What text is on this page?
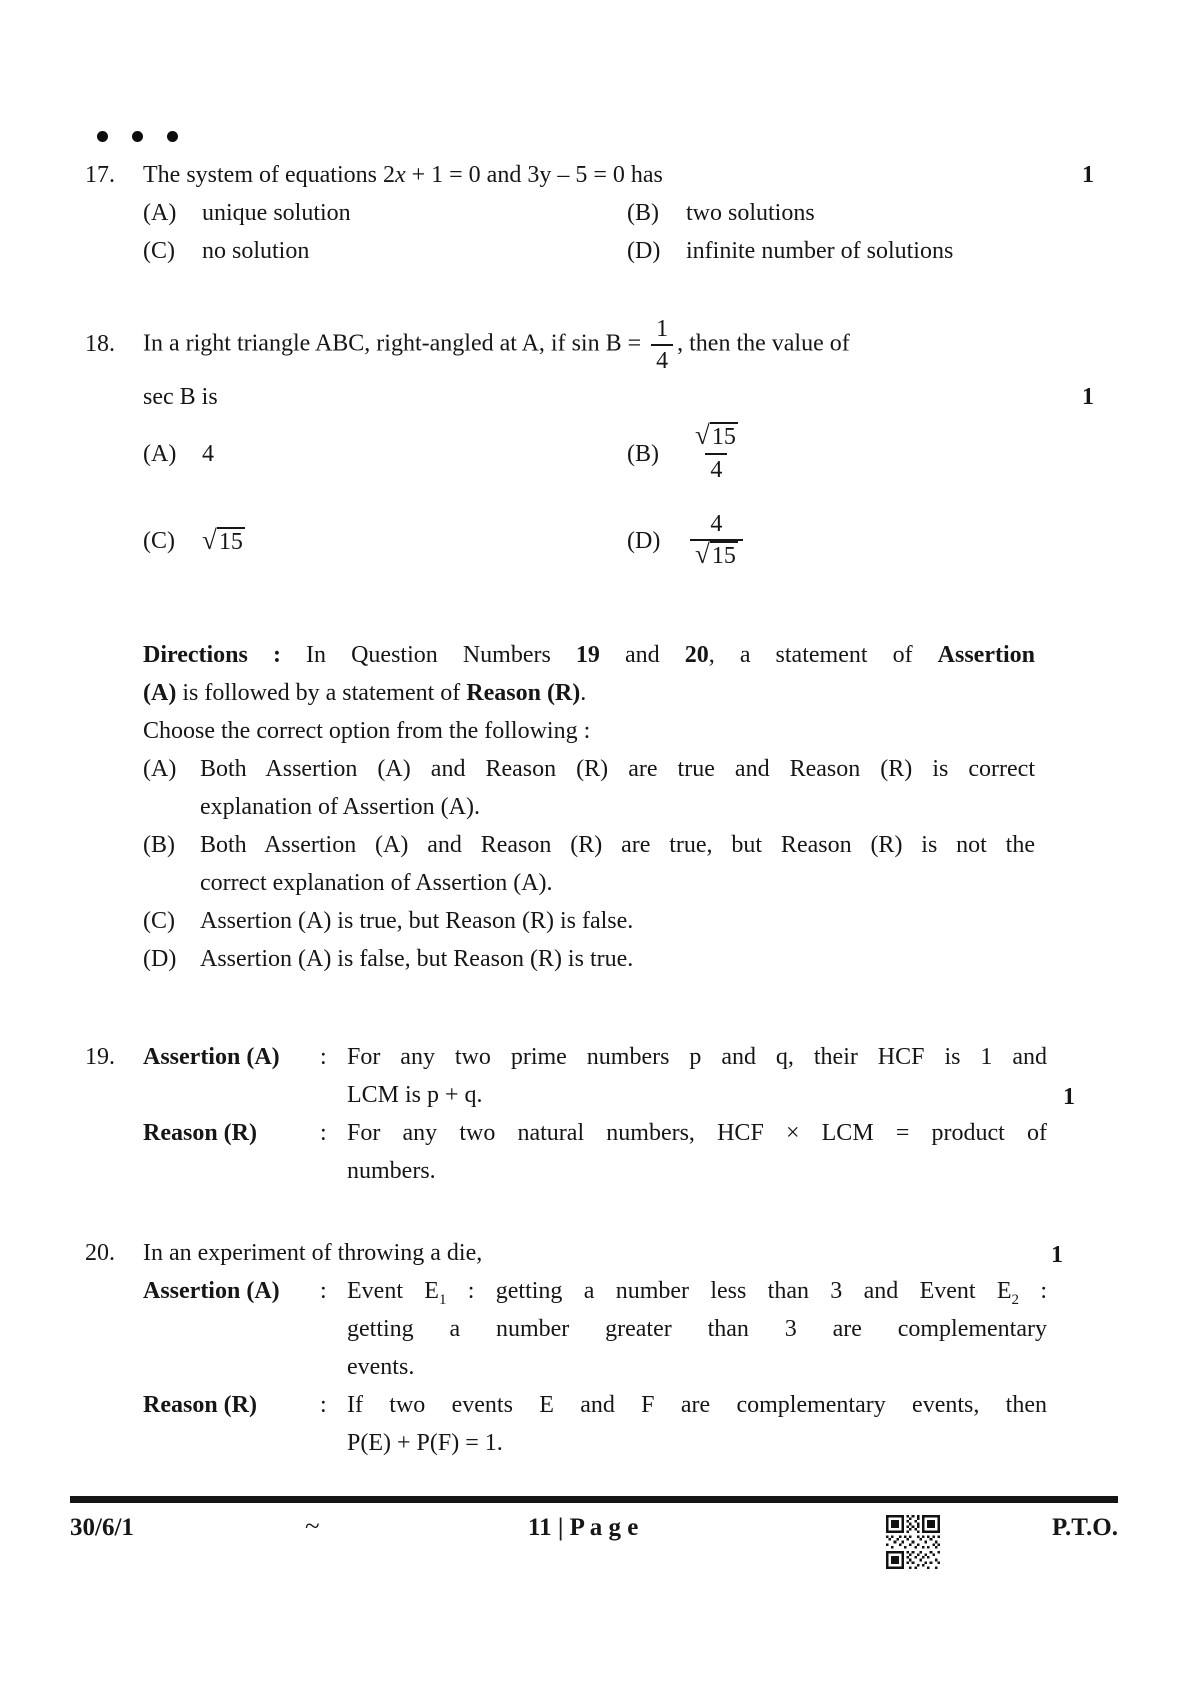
17.	The system of equations 2x + 1 = 0 and 3y – 5 = 0 has	1
(A)	unique solution	(B)	two solutions
(C)	no solution	(D)	infinite number of solutions
18.	In a right triangle ABC, right-angled at A, if $\sin B = \frac{1}{4}$ , then the value of

sec B is	1
(A)	4	(B)	$\frac{√ 15}{4}$
(C)	√ 15	(D)	$\frac{4}{√ 15}$

Directions : In Question Numbers 19 and 20, a statement of Assertion

(A) is followed by a statement of Reason (R).

Choose the correct option from the following :

(A) Both Assertion (A) and Reason (R) are true and Reason (R) is correct
explanation of Assertion (A).
(B)	Both Assertion (A) and Reason (R) are true, but Reason (R) is not the
correct explanation of Assertion (A).
(C)	Assertion (A) is true, but Reason (R) is false.
(D) Assertion (A) is false, but Reason (R) is true.
1
19.	Assertion (A)	: For any two prime numbers p and q, their HCF is 1 and
LCM is p + q.
Reason (R)	: For any two natural numbers, HCF × LCM = product of
numbers.
1
20.	In an experiment of throwing a die,

Assertion (A)	: Event $E_1$ : getting a number less than 3 and Event $E_2$ :
getting a number greater than 3 are complementary
events.
Reason (R)	: If two events E and F are complementary events, then
P(E) + P(F) = 1.
30/6/1	~	11 | P a g e	P.T.O.
